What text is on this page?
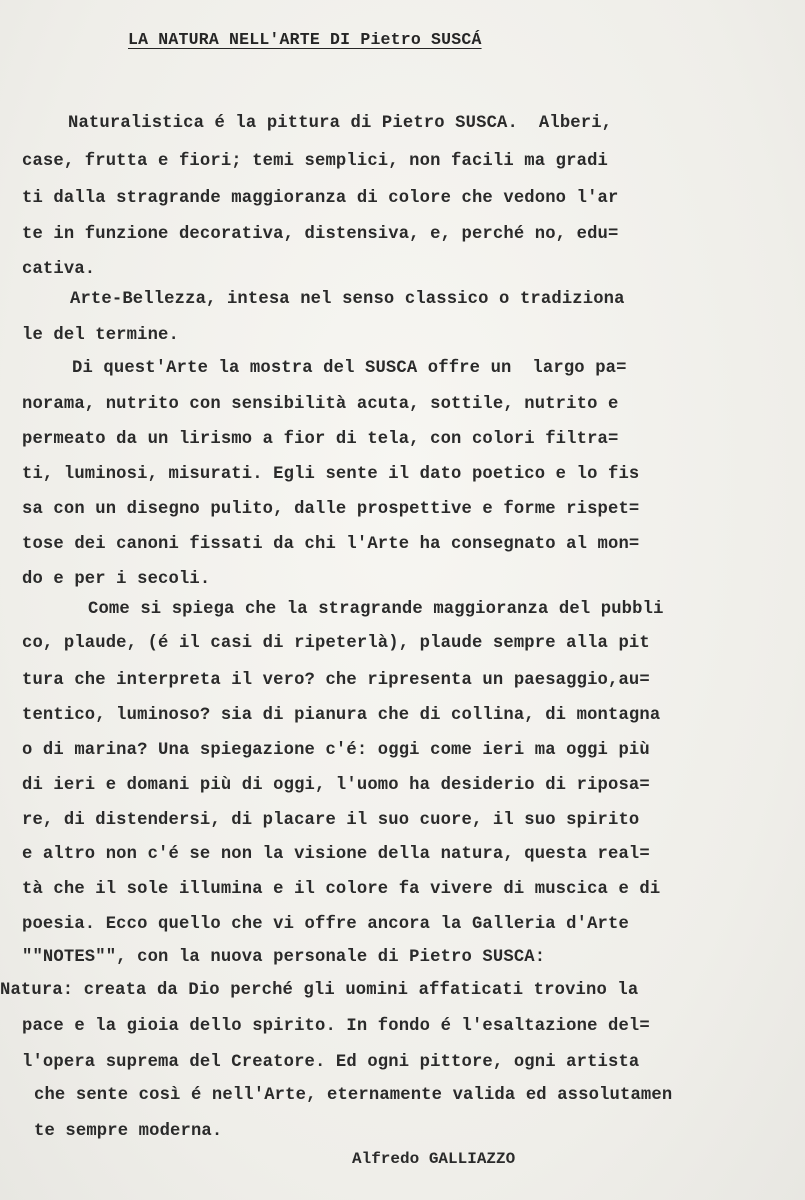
LA NATURA NELL'ARTE DI Pietro SUSCÁ
Naturalistica é la pittura di Pietro SUSCA.  Alberi,
case, frutta e fiori; temi semplici, non facili ma gradi
ti dalla stragrande maggioranza di colore che vedono l'ar
te in funzione decorativa, distensiva, e, perché no, edu=
cativa.
Arte-Bellezza, intesa nel senso classico o tradiziona
le del termine.
Di quest'Arte la mostra del SUSCA offre un  largo pa=
norama, nutrito con sensibilità acuta, sottile, nutrito e
permeato da un lirismo a fior di tela, con colori filtra=
ti, luminosi, misurati. Egli sente il dato poetico e lo fis
sa con un disegno pulito, dalle prospettive e forme rispet=
tose dei canoni fissati da chi l'Arte ha consegnato al mon=
do e per i secoli.
Come si spiega che la stragrande maggioranza del pubbli
co, plaude, (é il casi di ripeterlà), plaude sempre alla pit
tura che interpreta il vero? che ripresenta un paesaggio,au=
tentico, luminoso? sia di pianura che di collina, di montagna
o di marina? Una spiegazione c'é: oggi come ieri ma oggi più
di ieri e domani più di oggi, l'uomo ha desiderio di riposa=
re, di distendersi, di placare il suo cuore, il suo spirito
e altro non c'é se non la visione della natura, questa real=
tà che il sole illumina e il colore fa vivere di muscica e di
poesia. Ecco quello che vi offre ancora la Galleria d'Arte
""NOTES"", con la nuova personale di Pietro SUSCA:
Natura: creata da Dio perché gli uomini affaticati trovino la
pace e la gioia dello spirito. In fondo é l'esaltazione del=
l'opera suprema del Creatore. Ed ogni pittore, ogni artista
che sente così é nell'Arte, eternamente valida ed assolutamen
te sempre moderna.
Alfredo GALLIAZZO
